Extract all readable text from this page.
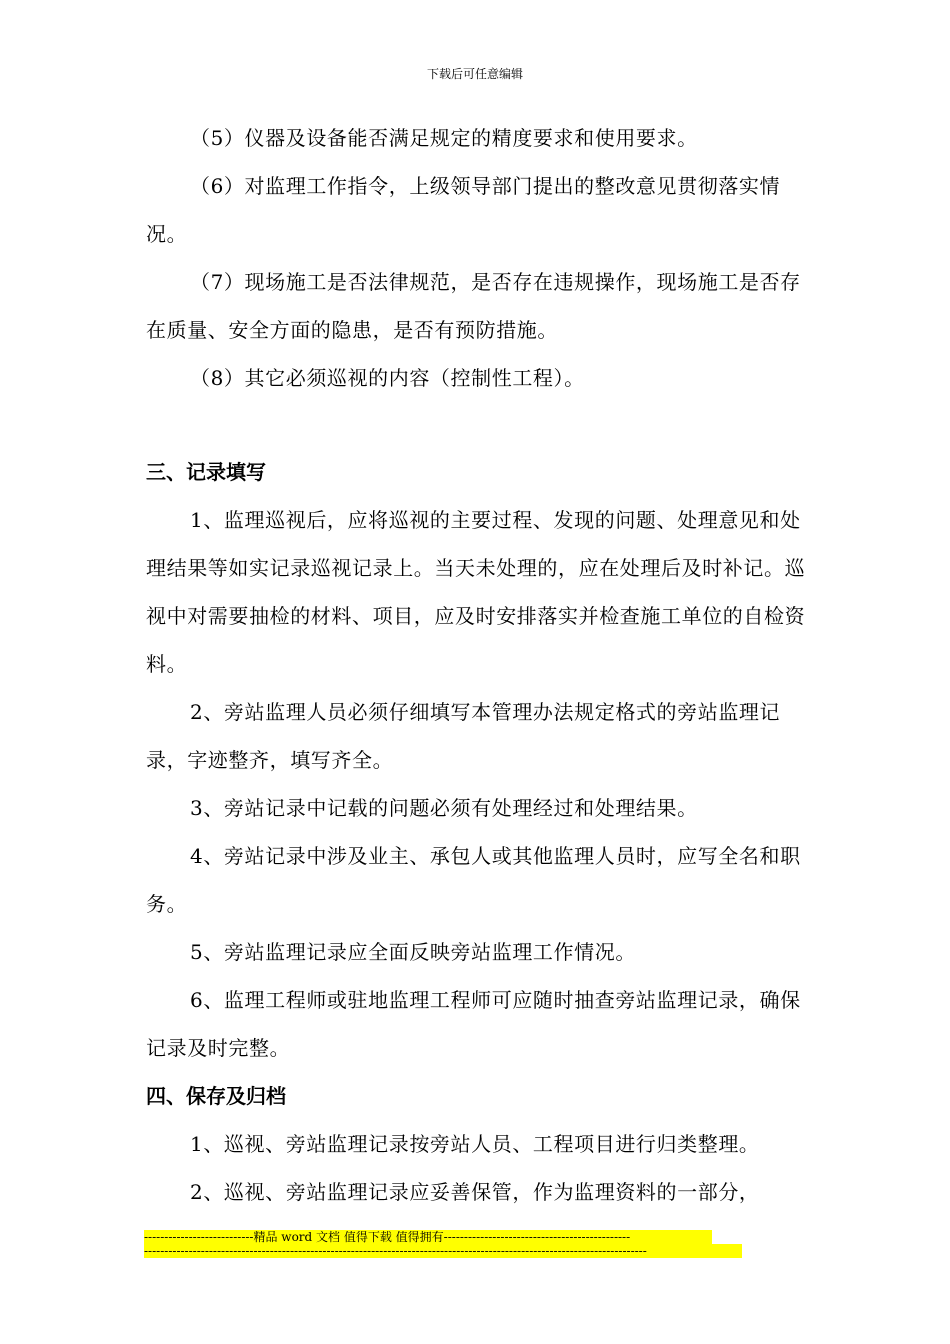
下载后可任意编辑

（5）仪器及设备能否满足规定的精度要求和使用要求。

（6）对监理工作指令，上级领导部门提出的整改意见贯彻落实情况。

（7）现场施工是否法律规范，是否存在违规操作，现场施工是否存在质量、安全方面的隐患，是否有预防措施。

（8）其它必须巡视的内容（控制性工程）。

三、记录填写

1、监理巡视后，应将巡视的主要过程、发现的问题、处理意见和处理结果等如实记录巡视记录上。当天未处理的，应在处理后及时补记。巡视中对需要抽检的材料、项目，应及时安排落实并检查施工单位的自检资料。

2、旁站监理人员必须仔细填写本管理办法规定格式的旁站监理记录，字迹整齐，填写齐全。

3、旁站记录中记载的问题必须有处理经过和处理结果。

4、旁站记录中涉及业主、承包人或其他监理人员时，应写全名和职务。

5、旁站监理记录应全面反映旁站监理工作情况。

6、监理工程师或驻地监理工程师可应随时抽查旁站监理记录，确保记录及时完整。

四、保存及归档

1、巡视、旁站监理记录按旁站人员、工程项目进行归类整理。

2、巡视、旁站监理记录应妥善保管，作为监理资料的一部分，

---------------------------精品 word 文档 值得下载 值得拥有----------------------------------------------
----------------------------------------------------------------------------------------------------------------------------
